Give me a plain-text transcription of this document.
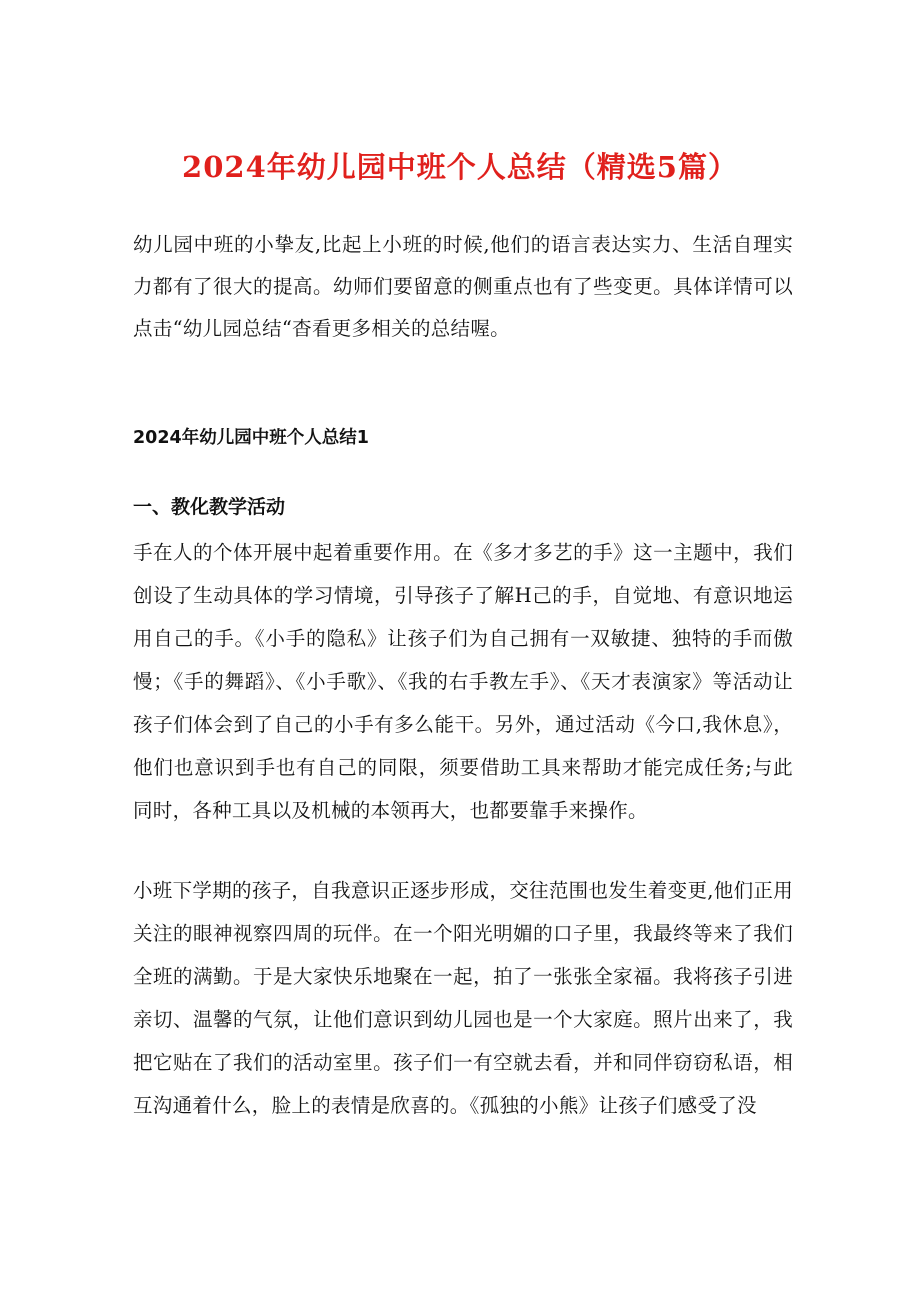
2024年幼儿园中班个人总结（精选5篇）

幼儿园中班的小挚友,比起上小班的时候,他们的语言表达实力、生活自理实力都有了很大的提高。幼师们要留意的侧重点也有了些变更。具体详情可以点击“幼儿园总结“杳看更多相关的总结喔。

2024年幼儿园中班个人总结1
一、教化教学活动

手在人的个体开展中起着重要作用。在《多才多艺的手》这一主题中，我们创设了生动具体的学习情境，引导孩子了解H己的手，自觉地、有意识地运用自己的手。《小手的隐私》让孩子们为自己拥有一双敏捷、独特的手而傲慢；《手的舞蹈》、《小手歌》、《我的右手教左手》、《天才表演家》等活动让孩子们体会到了自己的小手有多么能干。另外，通过活动《今口,我休息》，他们也意识到手也有自己的同限，须要借助工具来帮助才能完成任务;与此同时，各种工具以及机械的本领再大，也都要靠手来操作。

小班下学期的孩子，自我意识正逐步形成，交往范围也发生着变更,他们正用关注的眼神视察四周的玩伴。在一个阳光明媚的口子里，我最终等来了我们全班的满勤。于是大家快乐地聚在一起，拍了一张张全家福。我将孩子引进亲切、温馨的气氛，让他们意识到幼儿园也是一个大家庭。照片出来了，我把它贴在了我们的活动室里。孩子们一有空就去看，并和同伴窃窃私语，相互沟通着什么，脸上的表情是欣喜的。《孤独的小熊》让孩子们感受了没
